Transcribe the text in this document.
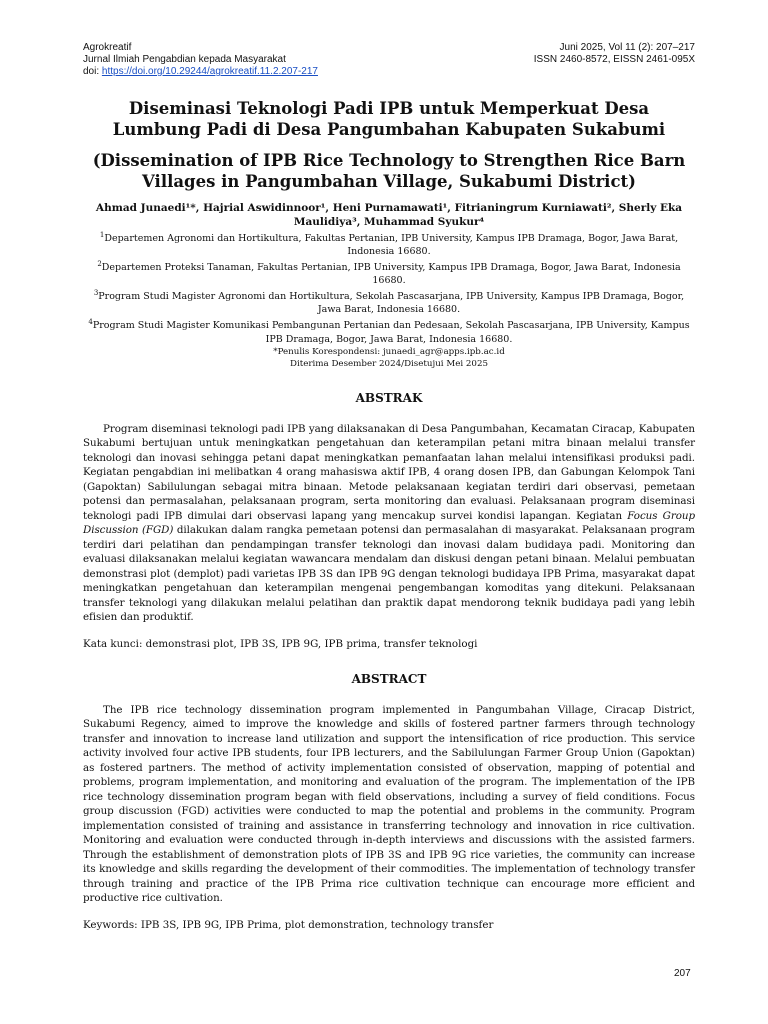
Agrokreatif
Jurnal Ilmiah Pengabdian kepada Masyarakat
doi: https://doi.org/10.29244/agrokreatif.11.2.207-217
Juni 2025, Vol 11 (2): 207–217
ISSN 2460-8572, EISSN 2461-095X
Diseminasi Teknologi Padi IPB untuk Memperkuat Desa Lumbung Padi di Desa Pangumbahan Kabupaten Sukabumi
(Dissemination of IPB Rice Technology to Strengthen Rice Barn Villages in Pangumbahan Village, Sukabumi District)
Ahmad Junaedi¹*, Hajrial Aswidinnoor¹, Heni Purnamawati¹, Fitrianingrum Kurniawati², Sherly Eka Maulidiya³, Muhammad Syukur⁴
$^1$Departemen Agronomi dan Hortikultura, Fakultas Pertanian, IPB University, Kampus IPB Dramaga, Bogor, Jawa Barat, Indonesia 16680.
$^2$Departemen Proteksi Tanaman, Fakultas Pertanian, IPB University, Kampus IPB Dramaga, Bogor, Jawa Barat, Indonesia 16680.
$^3$Program Studi Magister Agronomi dan Hortikultura, Sekolah Pascasarjana, IPB University, Kampus IPB Dramaga, Bogor, Jawa Barat, Indonesia 16680.
$^4$Program Studi Magister Komunikasi Pembangunan Pertanian dan Pedesaan, Sekolah Pascasarjana, IPB University, Kampus IPB Dramaga, Bogor, Jawa Barat, Indonesia 16680.
*Penulis Korespondensi: junaedi_agr@apps.ipb.ac.id
Diterima Desember 2024/Disetujui Mei 2025
ABSTRAK

Program diseminasi teknologi padi IPB yang dilaksanakan di Desa Pangumbahan, Kecamatan Ciracap, Kabupaten Sukabumi bertujuan untuk meningkatkan pengetahuan dan keterampilan petani mitra binaan melalui transfer teknologi dan inovasi sehingga petani dapat meningkatkan pemanfaatan lahan melalui intensifikasi produksi padi. Kegiatan pengabdian ini melibatkan 4 orang mahasiswa aktif IPB, 4 orang dosen IPB, dan Gabungan Kelompok Tani (Gapoktan) Sabilulungan sebagai mitra binaan. Metode pelaksanaan kegiatan terdiri dari observasi, pemetaan potensi dan permasalahan, pelaksanaan program, serta monitoring dan evaluasi. Pelaksanaan program diseminasi teknologi padi IPB dimulai dari observasi lapang yang mencakup survei kondisi lapangan. Kegiatan Focus Group Discussion (FGD) dilakukan dalam rangka pemetaan potensi dan permasalahan di masyarakat. Pelaksanaan program terdiri dari pelatihan dan pendampingan transfer teknologi dan inovasi dalam budidaya padi. Monitoring dan evaluasi dilaksanakan melalui kegiatan wawancara mendalam dan diskusi dengan petani binaan. Melalui pembuatan demonstrasi plot (demplot) padi varietas IPB 3S dan IPB 9G dengan teknologi budidaya IPB Prima, masyarakat dapat meningkatkan pengetahuan dan keterampilan mengenai pengembangan komoditas yang ditekuni. Pelaksanaan transfer teknologi yang dilakukan melalui pelatihan dan praktik dapat mendorong teknik budidaya padi yang lebih efisien dan produktif.

Kata kunci: demonstrasi plot, IPB 3S, IPB 9G, IPB prima, transfer teknologi

ABSTRACT

The IPB rice technology dissemination program implemented in Pangumbahan Village, Ciracap District, Sukabumi Regency, aimed to improve the knowledge and skills of fostered partner farmers through technology transfer and innovation to increase land utilization and support the intensification of rice production. This service activity involved four active IPB students, four IPB lecturers, and the Sabilulungan Farmer Group Union (Gapoktan) as fostered partners. The method of activity implementation consisted of observation, mapping of potential and problems, program implementation, and monitoring and evaluation of the program. The implementation of the IPB rice technology dissemination program began with field observations, including a survey of field conditions. Focus group discussion (FGD) activities were conducted to map the potential and problems in the community. Program implementation consisted of training and assistance in transferring technology and innovation in rice cultivation. Monitoring and evaluation were conducted through in-depth interviews and discussions with the assisted farmers. Through the establishment of demonstration plots of IPB 3S and IPB 9G rice varieties, the community can increase its knowledge and skills regarding the development of their commodities. The implementation of technology transfer through training and practice of the IPB Prima rice cultivation technique can encourage more efficient and productive rice cultivation.

Keywords: IPB 3S, IPB 9G, IPB Prima, plot demonstration, technology transfer

207
